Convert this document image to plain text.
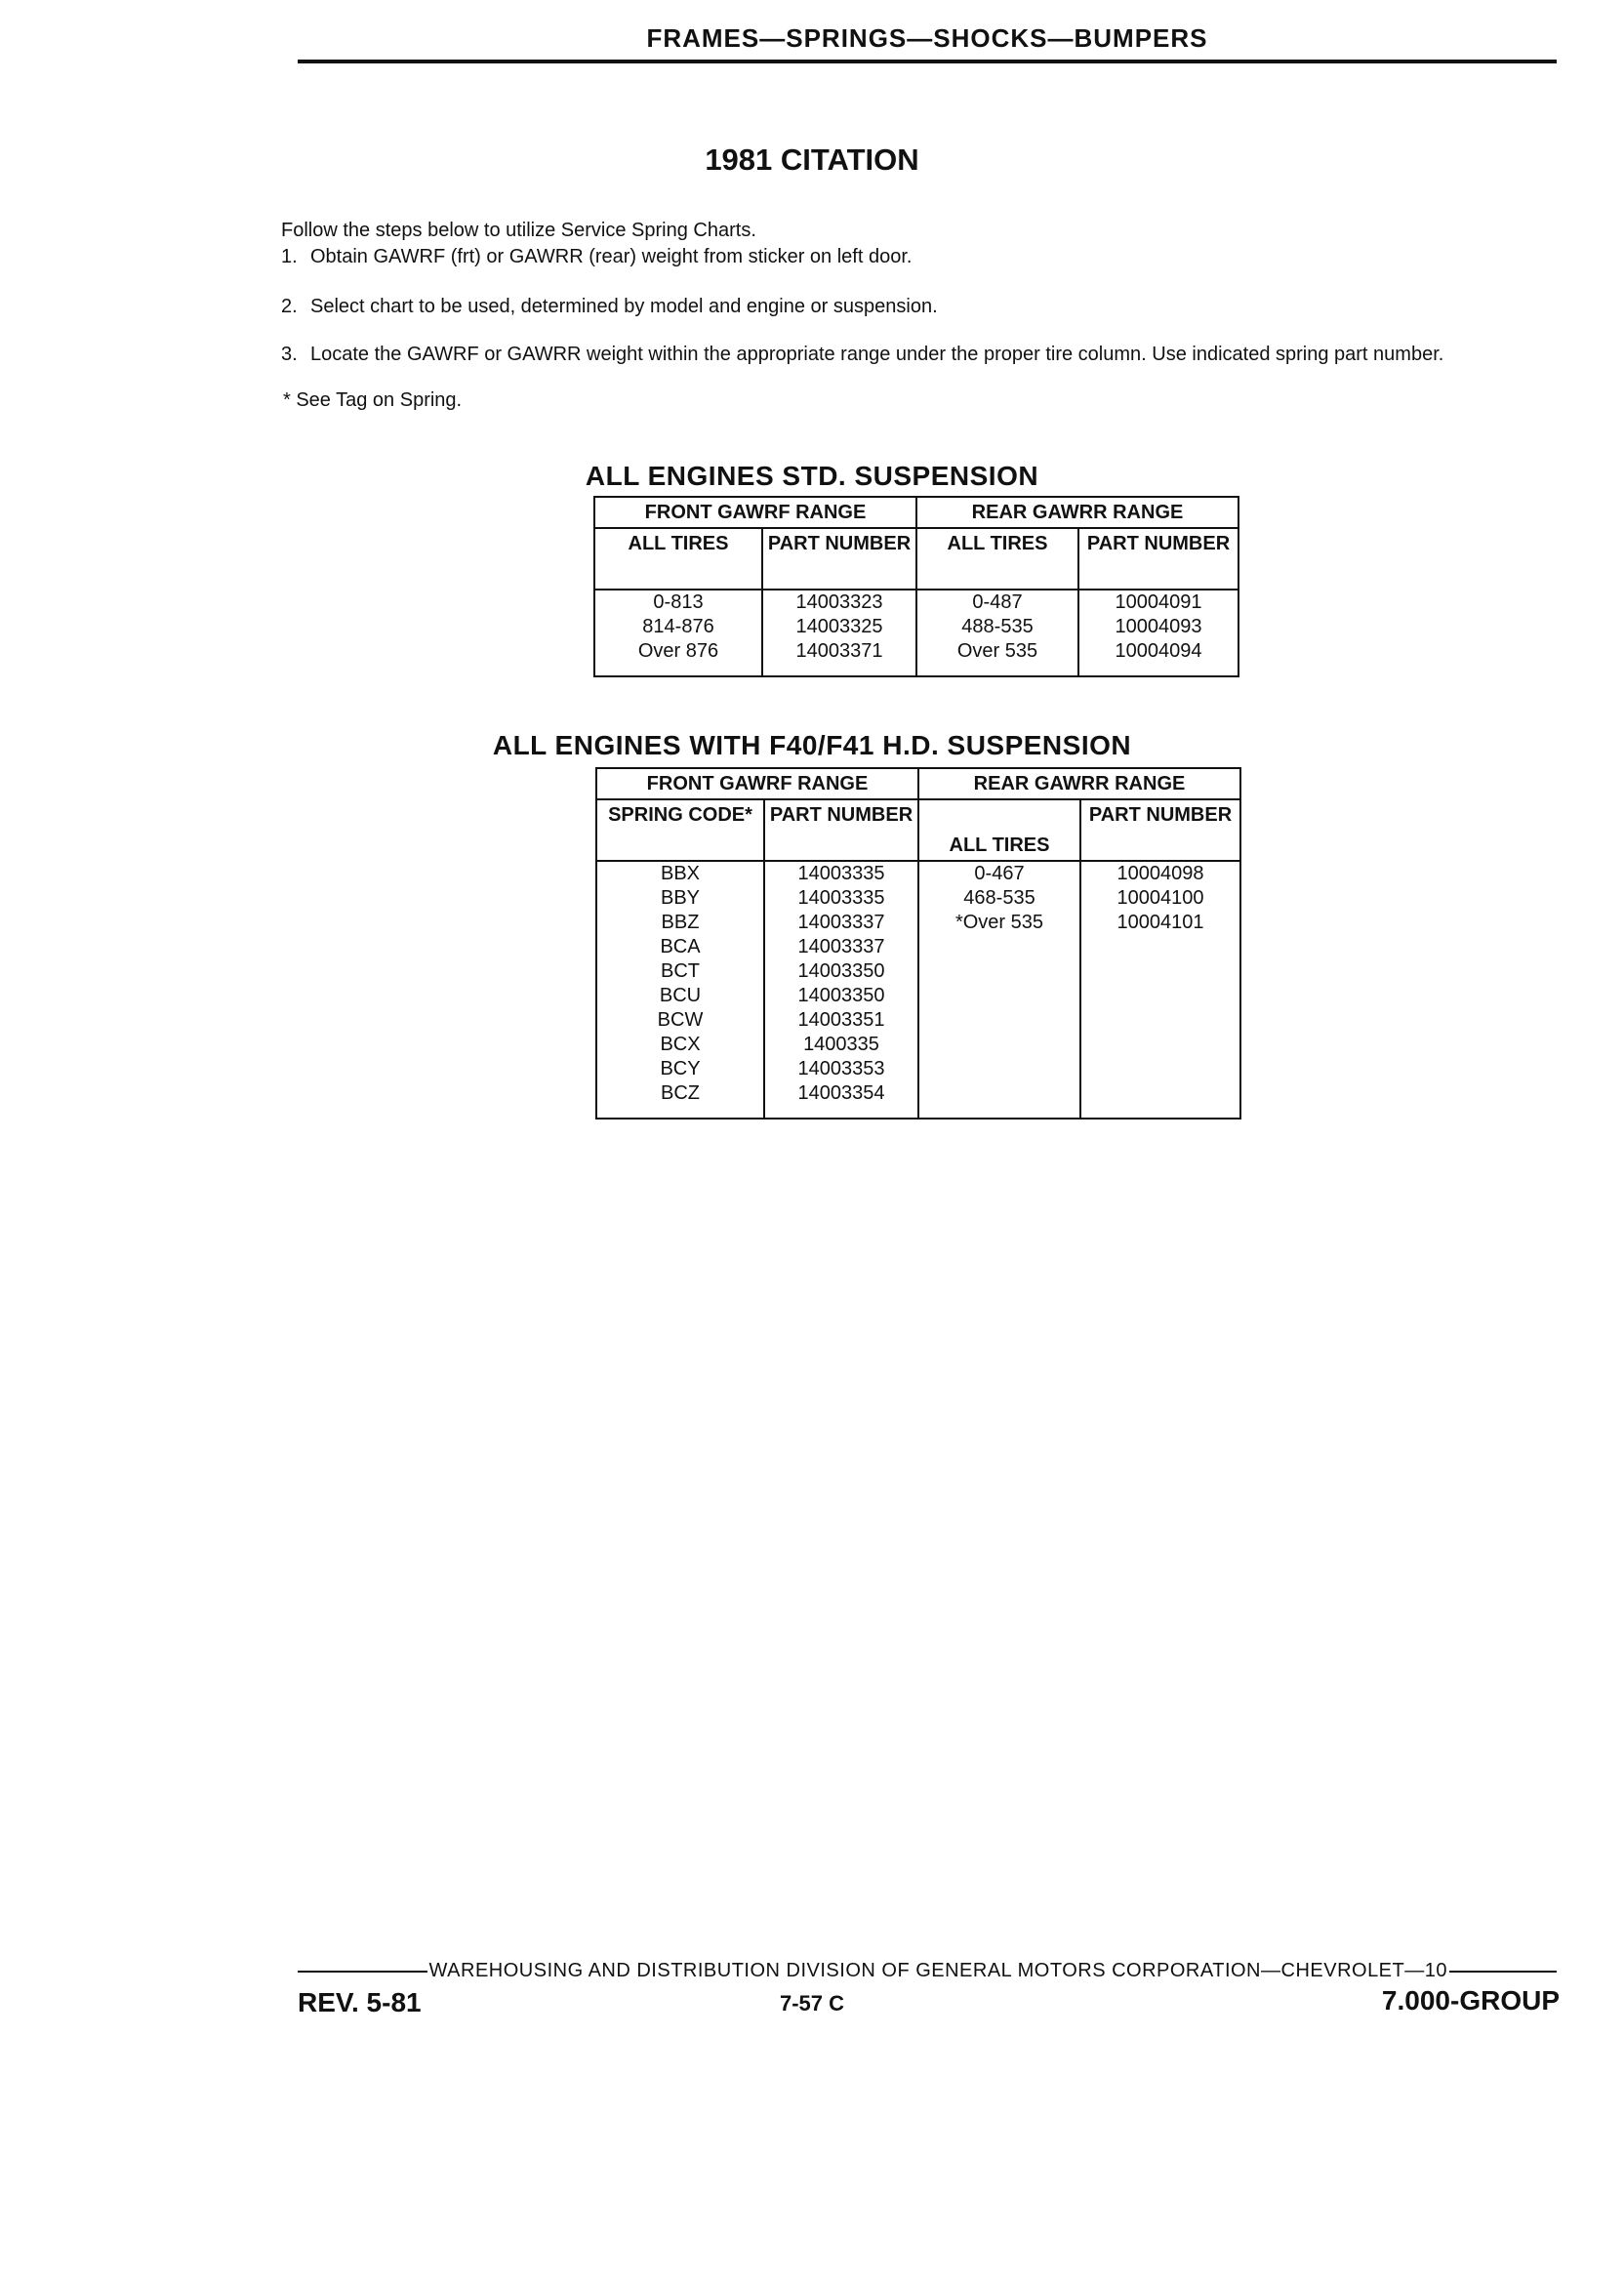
FRAMES—SPRINGS—SHOCKS—BUMPERS
1981 CITATION

Follow the steps below to utilize Service Spring Charts.

1. Obtain GAWRF (frt) or GAWRR (rear) weight from sticker on left door.
2. Select chart to be used, determined by model and engine or suspension.
3. Locate the GAWRF or GAWRR weight within the appropriate range under the proper tire column. Use indicated spring part number.

* See Tag on Spring.

ALL ENGINES STD. SUSPENSION
FRONT GAWRF RANGE		REAR GAWRR RANGE	
ALL TIRES	PART NUMBER	ALL TIRES	PART NUMBER
0-813	14003323	0-487	10004091
814-876	14003325	488-535	10004093
Over 876	14003371	Over 535	10004094

ALL ENGINES WITH F40/F41 H.D. SUSPENSION
FRONT GAWRF RANGE		REAR GAWRR RANGE	
SPRING CODE*	PART NUMBER	ALL TIRES	PART NUMBER
BBX	14003335	0-467	10004098
BBY	14003335	468-535	10004100
BBZ	14003337	*Over 535	10004101
BCA	14003337		
BCT	14003350		
BCU	14003350		
BCW	14003351		
BCX	1400335		
BCY	14003353		
BCZ	14003354		

WAREHOUSING AND DISTRIBUTION DIVISION OF GENERAL MOTORS CORPORATION—CHEVROLET—10
REV. 5-81	7-57 C	7.000-GROUP
